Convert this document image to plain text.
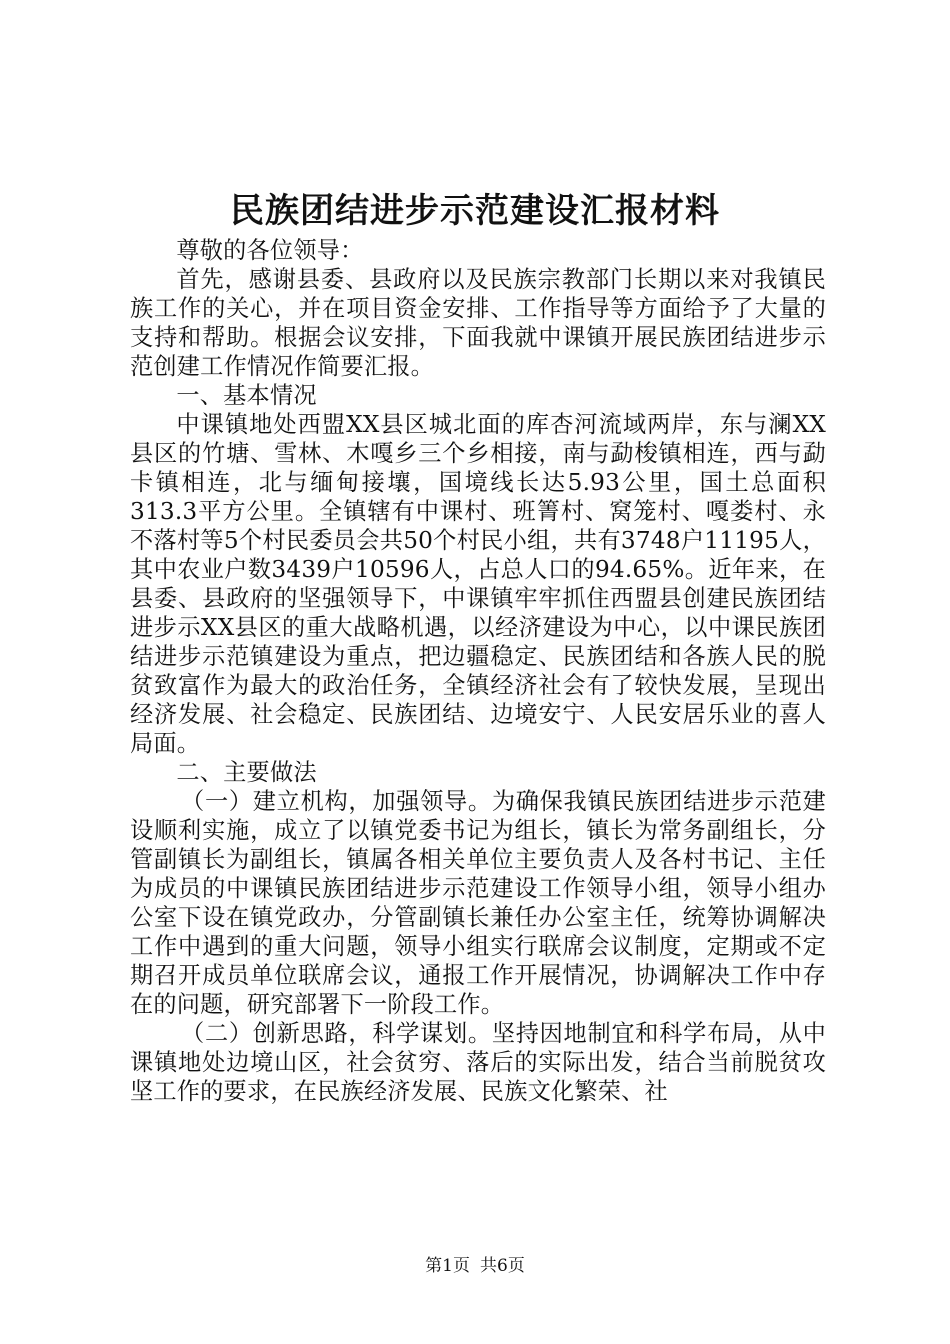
民族团结进步示范建设汇报材料

尊敬的各位领导：

首先，感谢县委、县政府以及民族宗教部门长期以来对我镇民族工作的关心，并在项目资金安排、工作指导等方面给予了大量的支持和帮助。根据会议安排，下面我就中课镇开展民族团结进步示范创建工作情况作简要汇报。

一、基本情况

中课镇地处西盟XX县区城北面的库杏河流域两岸，东与澜XX县区的竹塘、雪林、木嘎乡三个乡相接，南与勐梭镇相连，西与勐卡镇相连，北与缅甸接壤，国境线长达5.93公里，国土总面积313.3平方公里。全镇辖有中课村、班箐村、窝笼村、嘎娄村、永不落村等5个村民委员会共50个村民小组，共有3748户11195人，其中农业户数3439户10596人，占总人口的94.65%。近年来，在县委、县政府的坚强领导下，中课镇牢牢抓住西盟县创建民族团结进步示XX县区的重大战略机遇，以经济建设为中心，以中课民族团结进步示范镇建设为重点，把边疆稳定、民族团结和各族人民的脱贫致富作为最大的政治任务，全镇经济社会有了较快发展，呈现出经济发展、社会稳定、民族团结、边境安宁、人民安居乐业的喜人局面。

二、主要做法

（一）建立机构，加强领导。为确保我镇民族团结进步示范建设顺利实施，成立了以镇党委书记为组长，镇长为常务副组长，分管副镇长为副组长，镇属各相关单位主要负责人及各村书记、主任为成员的中课镇民族团结进步示范建设工作领导小组，领导小组办公室下设在镇党政办，分管副镇长兼任办公室主任，统筹协调解决工作中遇到的重大问题，领导小组实行联席会议制度，定期或不定期召开成员单位联席会议，通报工作开展情况，协调解决工作中存在的问题，研究部署下一阶段工作。

（二）创新思路，科学谋划。坚持因地制宜和科学布局，从中课镇地处边境山区，社会贫穷、落后的实际出发，结合当前脱贫攻坚工作的要求，在民族经济发展、民族文化繁荣、社

第1页 共6页
